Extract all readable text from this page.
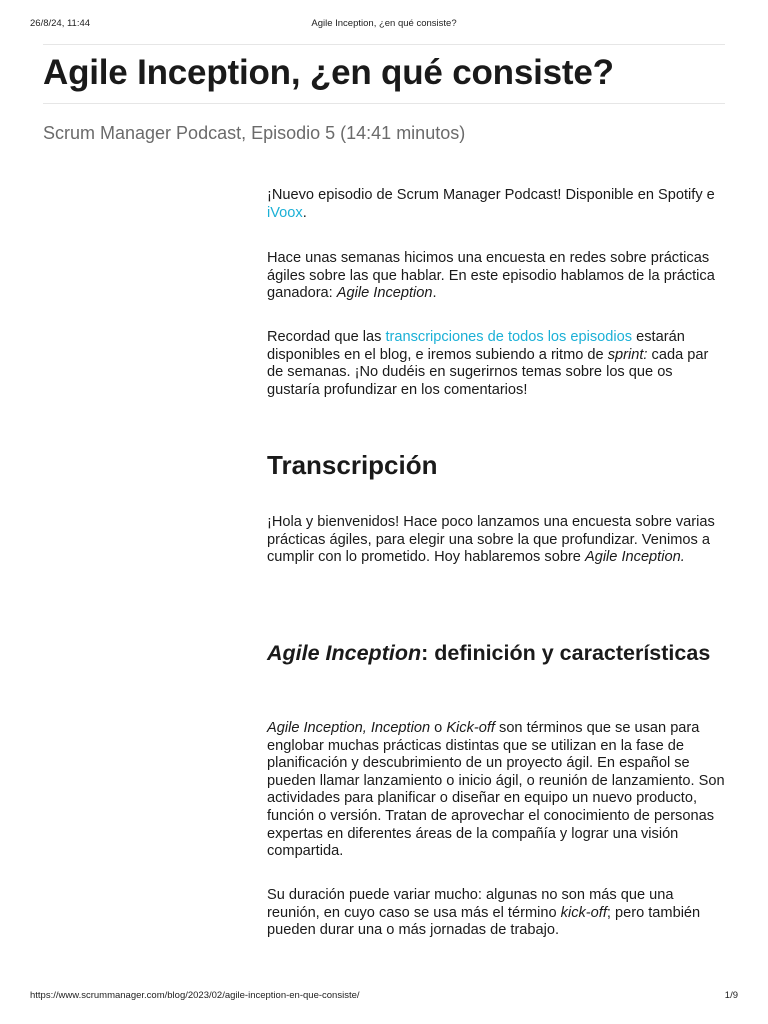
26/8/24, 11:44	Agile Inception, ¿en qué consiste?
Agile Inception, ¿en qué consiste?

Scrum Manager Podcast, Episodio 5 (14:41 minutos)

¡Nuevo episodio de Scrum Manager Podcast! Disponible en Spotify e iVoox.

Hace unas semanas hicimos una encuesta en redes sobre prácticas ágiles sobre las que hablar. En este episodio hablamos de la práctica ganadora: Agile Inception.

Recordad que las transcripciones de todos los episodios estarán disponibles en el blog, e iremos subiendo a ritmo de sprint: cada par de semanas. ¡No dudéis en sugerirnos temas sobre los que os gustaría profundizar en los comentarios!

Transcripción

¡Hola y bienvenidos! Hace poco lanzamos una encuesta sobre varias prácticas ágiles, para elegir una sobre la que profundizar. Venimos a cumplir con lo prometido. Hoy hablaremos sobre Agile Inception.

Agile Inception: definición y características

Agile Inception, Inception o Kick-off son términos que se usan para englobar muchas prácticas distintas que se utilizan en la fase de planificación y descubrimiento de un proyecto ágil. En español se pueden llamar lanzamiento o inicio ágil, o reunión de lanzamiento. Son actividades para planificar o diseñar en equipo un nuevo producto, función o versión. Tratan de aprovechar el conocimiento de personas expertas en diferentes áreas de la compañía y lograr una visión compartida.

Su duración puede variar mucho: algunas no son más que una reunión, en cuyo caso se usa más el término kick-off; pero también pueden durar una o más jornadas de trabajo.

https://www.scrummanager.com/blog/2023/02/agile-inception-en-que-consiste/	1/9
